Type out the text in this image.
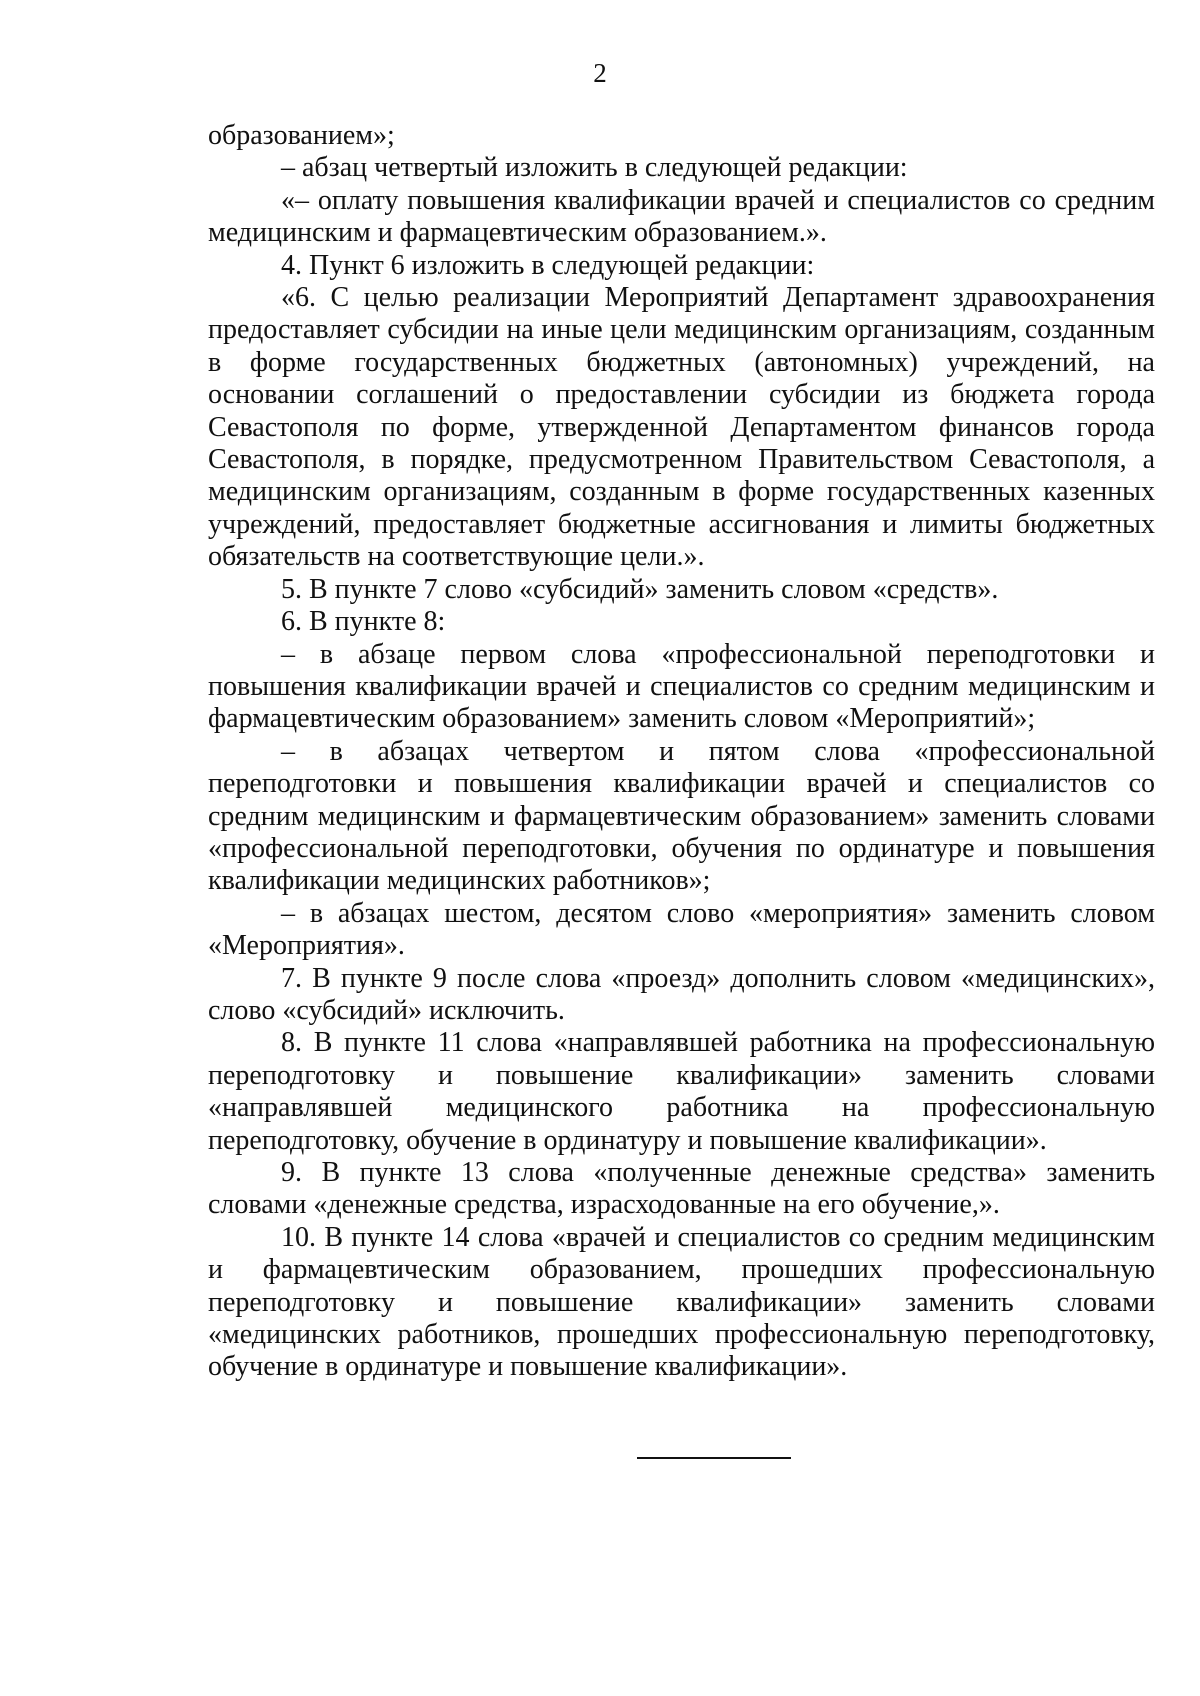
2

образованием»;

– абзац четвертый изложить в следующей редакции:

«– оплату повышения квалификации врачей и специалистов со средним медицинским и фармацевтическим образованием.».

4. Пункт 6 изложить в следующей редакции:

«6. С целью реализации Мероприятий Департамент здравоохранения предоставляет субсидии на иные цели медицинским организациям, созданным в форме государственных бюджетных (автономных) учреждений, на основании соглашений о предоставлении субсидии из бюджета города Севастополя по форме, утвержденной Департаментом финансов города Севастополя, в порядке, предусмотренном Правительством Севастополя, а медицинским организациям, созданным в форме государственных казенных учреждений, предоставляет бюджетные ассигнования и лимиты бюджетных обязательств на соответствующие цели.».

5. В пункте 7 слово «субсидий» заменить словом «средств».

6. В пункте 8:

– в абзаце первом слова «профессиональной переподготовки и повышения квалификации врачей и специалистов со средним медицинским и фармацевтическим образованием» заменить словом «Мероприятий»;

– в абзацах четвертом и пятом слова «профессиональной переподготовки и повышения квалификации врачей и специалистов со средним медицинским и фармацевтическим образованием» заменить словами «профессиональной переподготовки, обучения по ординатуре и повышения квалификации медицинских работников»;

– в абзацах шестом, десятом слово «мероприятия» заменить словом «Мероприятия».

7. В пункте 9 после слова «проезд» дополнить словом «медицинских», слово «субсидий» исключить.

8. В пункте 11 слова «направлявшей работника на профессиональную переподготовку и повышение квалификации» заменить словами «направлявшей медицинского работника на профессиональную переподготовку, обучение в ординатуру и повышение квалификации».

9. В пункте 13 слова «полученные денежные средства» заменить словами «денежные средства, израсходованные на его обучение,».

10. В пункте 14 слова «врачей и специалистов со средним медицинским и фармацевтическим образованием, прошедших профессиональную переподготовку и повышение квалификации» заменить словами «медицинских работников, прошедших профессиональную переподготовку, обучение в ординатуре и повышение квалификации».
